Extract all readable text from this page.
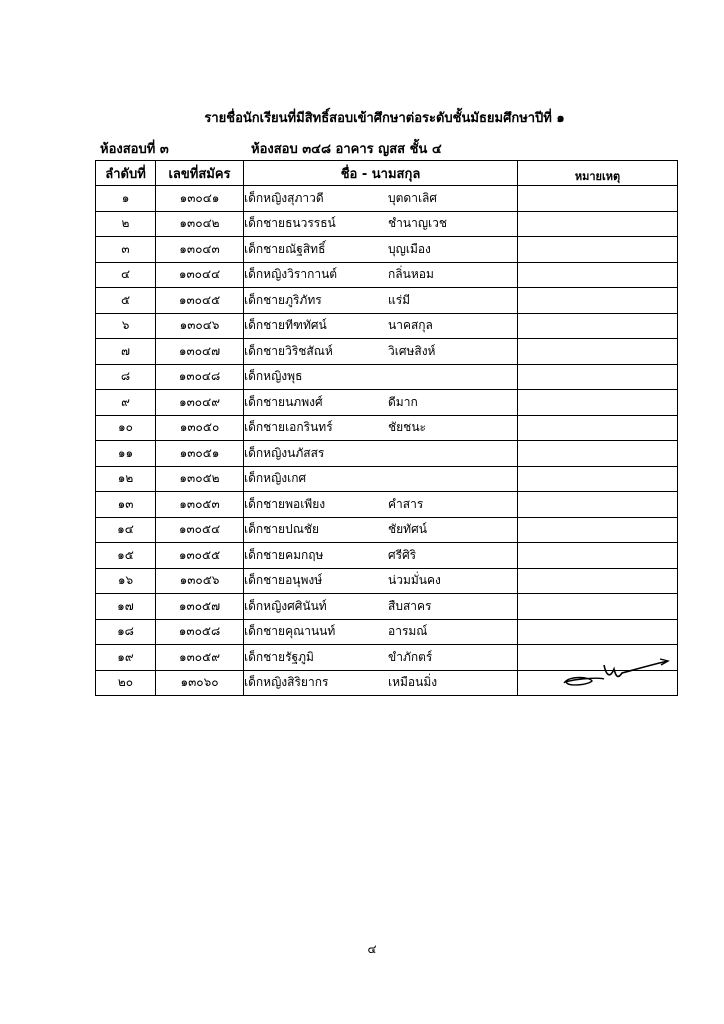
รายชื่อนักเรียนที่มีสิทธิ์สอบเข้าศึกษาต่อระดับชั้นมัธยมศึกษาปีที่ ๑
ห้องสอบที่ ๓	ห้องสอบ ๓๔๘ อาคาร ญสส ชั้น ๔
ลำดับที่	เลขที่สมัคร	ชื่อ - นามสกุล	หมายเหตุ
๑	๑๓๐๔๑	เด็กหญิงสุภาวดี บุตดาเลิศ	
๒	๑๓๐๔๒	เด็กชายธนวรรธน์ ชำนาญเวช	
๓	๑๓๐๔๓	เด็กชายณัฐสิทธิ์ บุญเมือง	
๔	๑๓๐๔๔	เด็กหญิงวิรากานต์ กลิ่นหอม	
๕	๑๓๐๔๕	เด็กชายภูริภัทร แร่มี	
๖	๑๓๐๔๖	เด็กชายทีฑทัศน์ นาคสกุล	
๗	๑๓๐๔๗	เด็กชายวิริชสัณห์ วิเศษสิงห์	
๘	๑๓๐๔๘	เด็กหญิงพุธ	
๙	๑๓๐๔๙	เด็กชายนภพงศ์ ดีมาก	
๑๐	๑๓๐๕๐	เด็กชายเอกรินทร์ ชัยชนะ	
๑๑	๑๓๐๕๑	เด็กหญิงนภัสสร	
๑๒	๑๓๐๕๒	เด็กหญิงเกศ	
๑๓	๑๓๐๕๓	เด็กชายพอเพียง คำสาร	
๑๔	๑๓๐๕๔	เด็กชายปณชัย ชัยทัศน์	
๑๕	๑๓๐๕๕	เด็กชายคมกฤษ ศรีศิริ	
๑๖	๑๓๐๕๖	เด็กชายอนุพงษ์ น่วมมั่นคง	
๑๗	๑๓๐๕๗	เด็กหญิงศศินันท์ สืบสาคร	
๑๘	๑๓๐๕๘	เด็กชายคุณานนท์ อารมณ์	
๑๙	๑๓๐๕๙	เด็กชายรัฐภูมิ ขำภักตร์	
๒๐	๑๓๐๖๐	เด็กหญิงสิริยากร เหมือนมิ่ง	
๔
